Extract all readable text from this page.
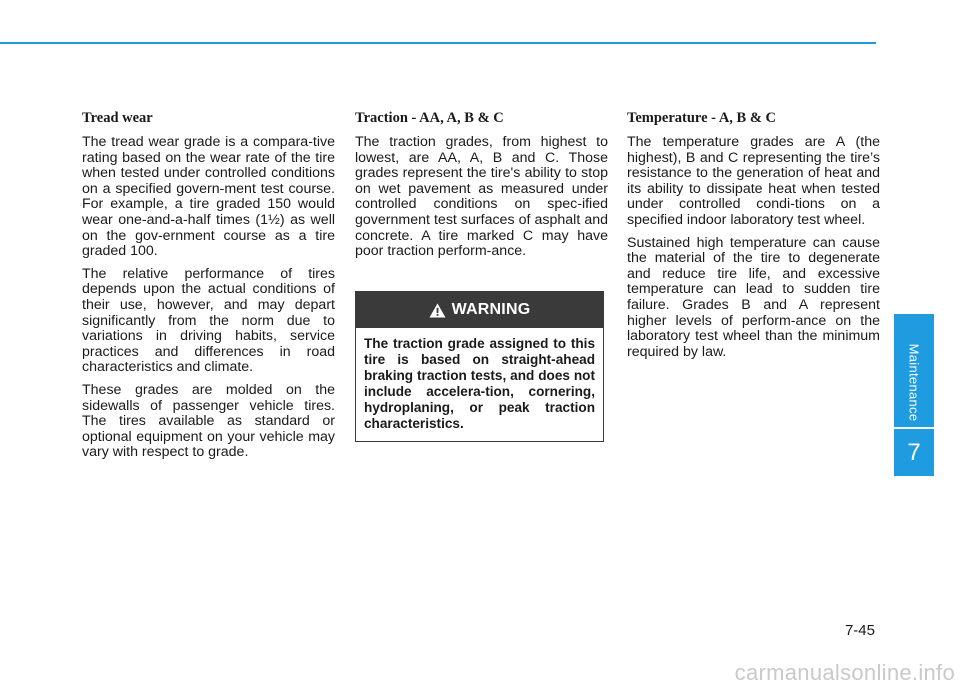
Tread wear

The tread wear grade is a compara-tive rating based on the wear rate of the tire when tested under controlled conditions on a specified govern-ment test course. For example, a tire graded 150 would wear one-and-a-half times (1½) as well on the gov-ernment course as a tire graded 100.

The relative performance of tires depends upon the actual conditions of their use, however, and may depart significantly from the norm due to variations in driving habits, service practices and differences in road characteristics and climate.

These grades are molded on the sidewalls of passenger vehicle tires. The tires available as standard or optional equipment on your vehicle may vary with respect to grade.

Traction - AA, A, B & C

The traction grades, from highest to lowest, are AA, A, B and C. Those grades represent the tire's ability to stop on wet pavement as measured under controlled conditions on spec-ified government test surfaces of asphalt and concrete. A tire marked C may have poor traction perform-ance.

WARNING
The traction grade assigned to this tire is based on straight-ahead braking traction tests, and does not include accelera-tion, cornering, hydroplaning, or peak traction characteristics.
Temperature - A, B & C

The temperature grades are A (the highest), B and C representing the tire’s resistance to the generation of heat and its ability to dissipate heat when tested under controlled condi-tions on a specified indoor laboratory test wheel.

Sustained high temperature can cause the material of the tire to degenerate and reduce tire life, and excessive temperature can lead to sudden tire failure. Grades B and A represent higher levels of perform-ance on the laboratory test wheel than the minimum required by law.	Maintenance
7
7-45
carmanualsonline.info
